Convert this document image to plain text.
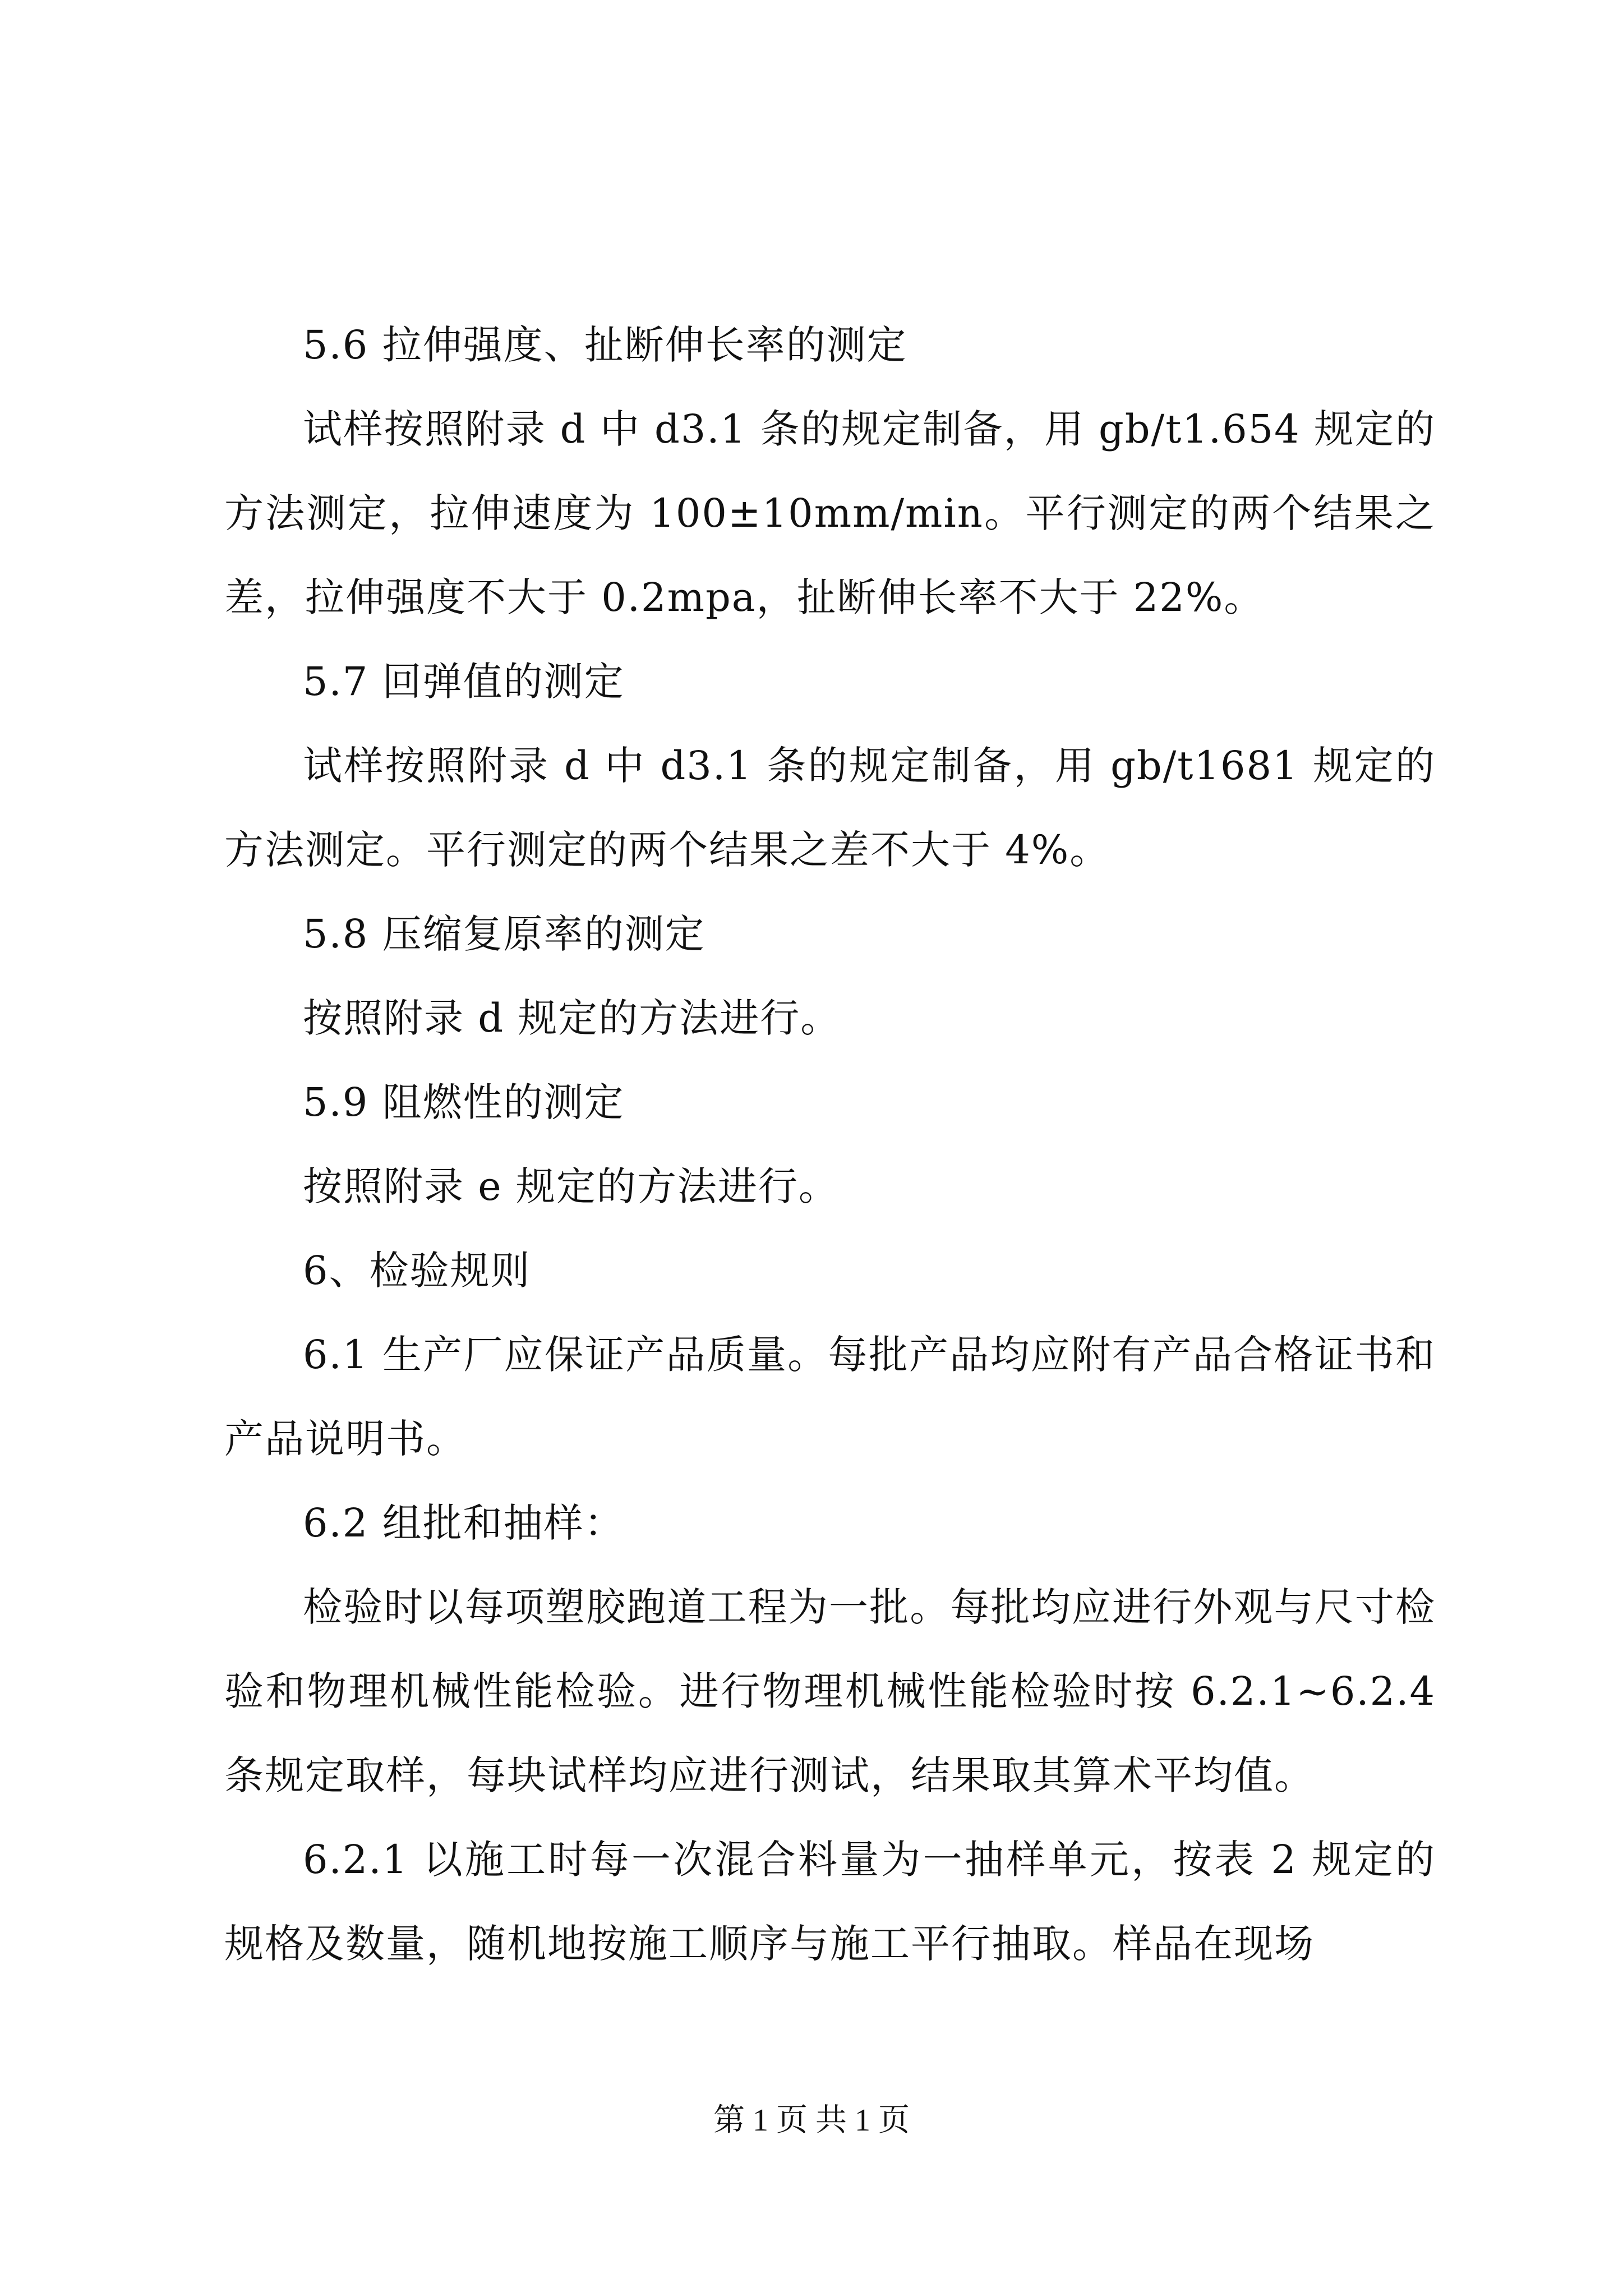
5.6 拉伸强度、扯断伸长率的测定

试样按照附录 d 中 d3.1 条的规定制备，用 gb/t1.654 规定的方法测定，拉伸速度为 100±10mm/min。平行测定的两个结果之差，拉伸强度不大于 0.2mpa，扯断伸长率不大于 22%。

5.7 回弹值的测定

试样按照附录 d 中 d3.1 条的规定制备，用 gb/t1681 规定的方法测定。平行测定的两个结果之差不大于 4%。

5.8 压缩复原率的测定

按照附录 d 规定的方法进行。

5.9 阻燃性的测定

按照附录 e 规定的方法进行。

6、检验规则

6.1 生产厂应保证产品质量。每批产品均应附有产品合格证书和产品说明书。

6.2 组批和抽样：

检验时以每项塑胶跑道工程为一批。每批均应进行外观与尺寸检验和物理机械性能检验。进行物理机械性能检验时按 6.2.1~6.2.4 条规定取样，每块试样均应进行测试，结果取其算术平均值。

6.2.1 以施工时每一次混合料量为一抽样单元，按表 2 规定的规格及数量，随机地按施工顺序与施工平行抽取。样品在现场

第 1 页 共 1 页
